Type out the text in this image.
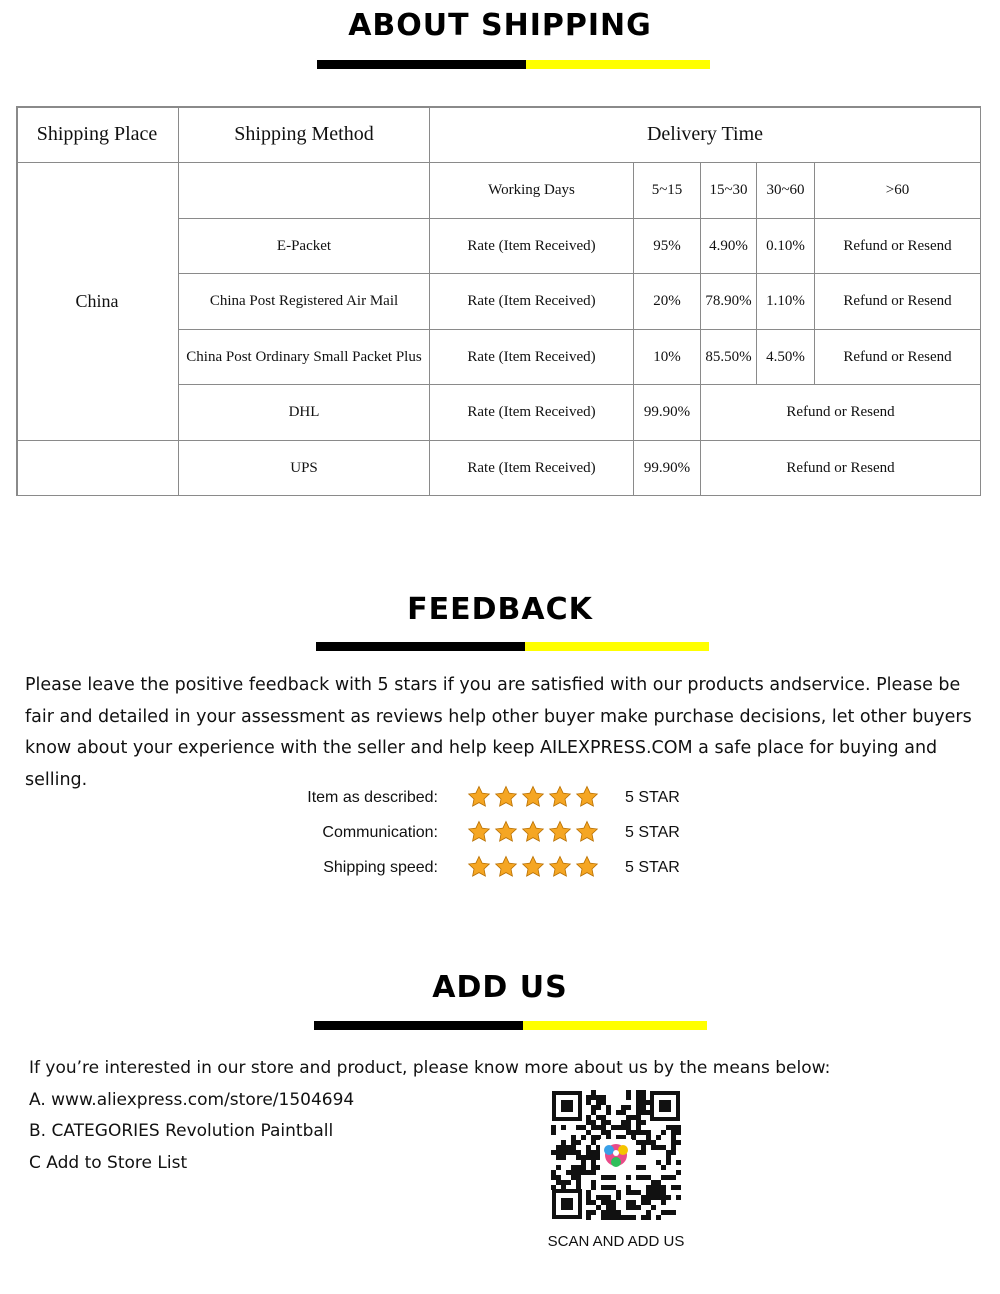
ABOUT SHIPPING
Shipping Place	Shipping Method	Delivery Time
China
Working Days	5~15	15~30	30~60	>60
E-Packet	Rate (Item Received)	95%	4.90%	0.10%	Refund or Resend
China Post Registered Air Mail	Rate (Item Received)	20%	78.90% 1.10%	Refund or Resend
China Post Ordinary Small Packet Plus	Rate (Item Received)	10%	85.50% 4.50%	Refund or Resend
DHL	Rate (Item Received)	99.90%	Refund or Resend
UPS	Rate (Item Received)	99.90%	Refund or Resend
FEEDBACK
Please leave the positive feedback with 5 stars if you are satisfied with our products andservice. Please be fair and detailed in your assessment as reviews help other buyer make purchase decisions, let other buyers know about your experience with the seller and help keep AILEXPRESS.COM a safe place for buying and selling.
Item as described:	5 STAR
Communication:	5 STAR
Shipping speed:	5 STAR
ADD US
If you’re interested in our store and product, please know more about us by the means below:
A. www.aliexpress.com/store/1504694
B. CATEGORIES Revolution Paintball
C Add to Store List
SCAN AND ADD US
